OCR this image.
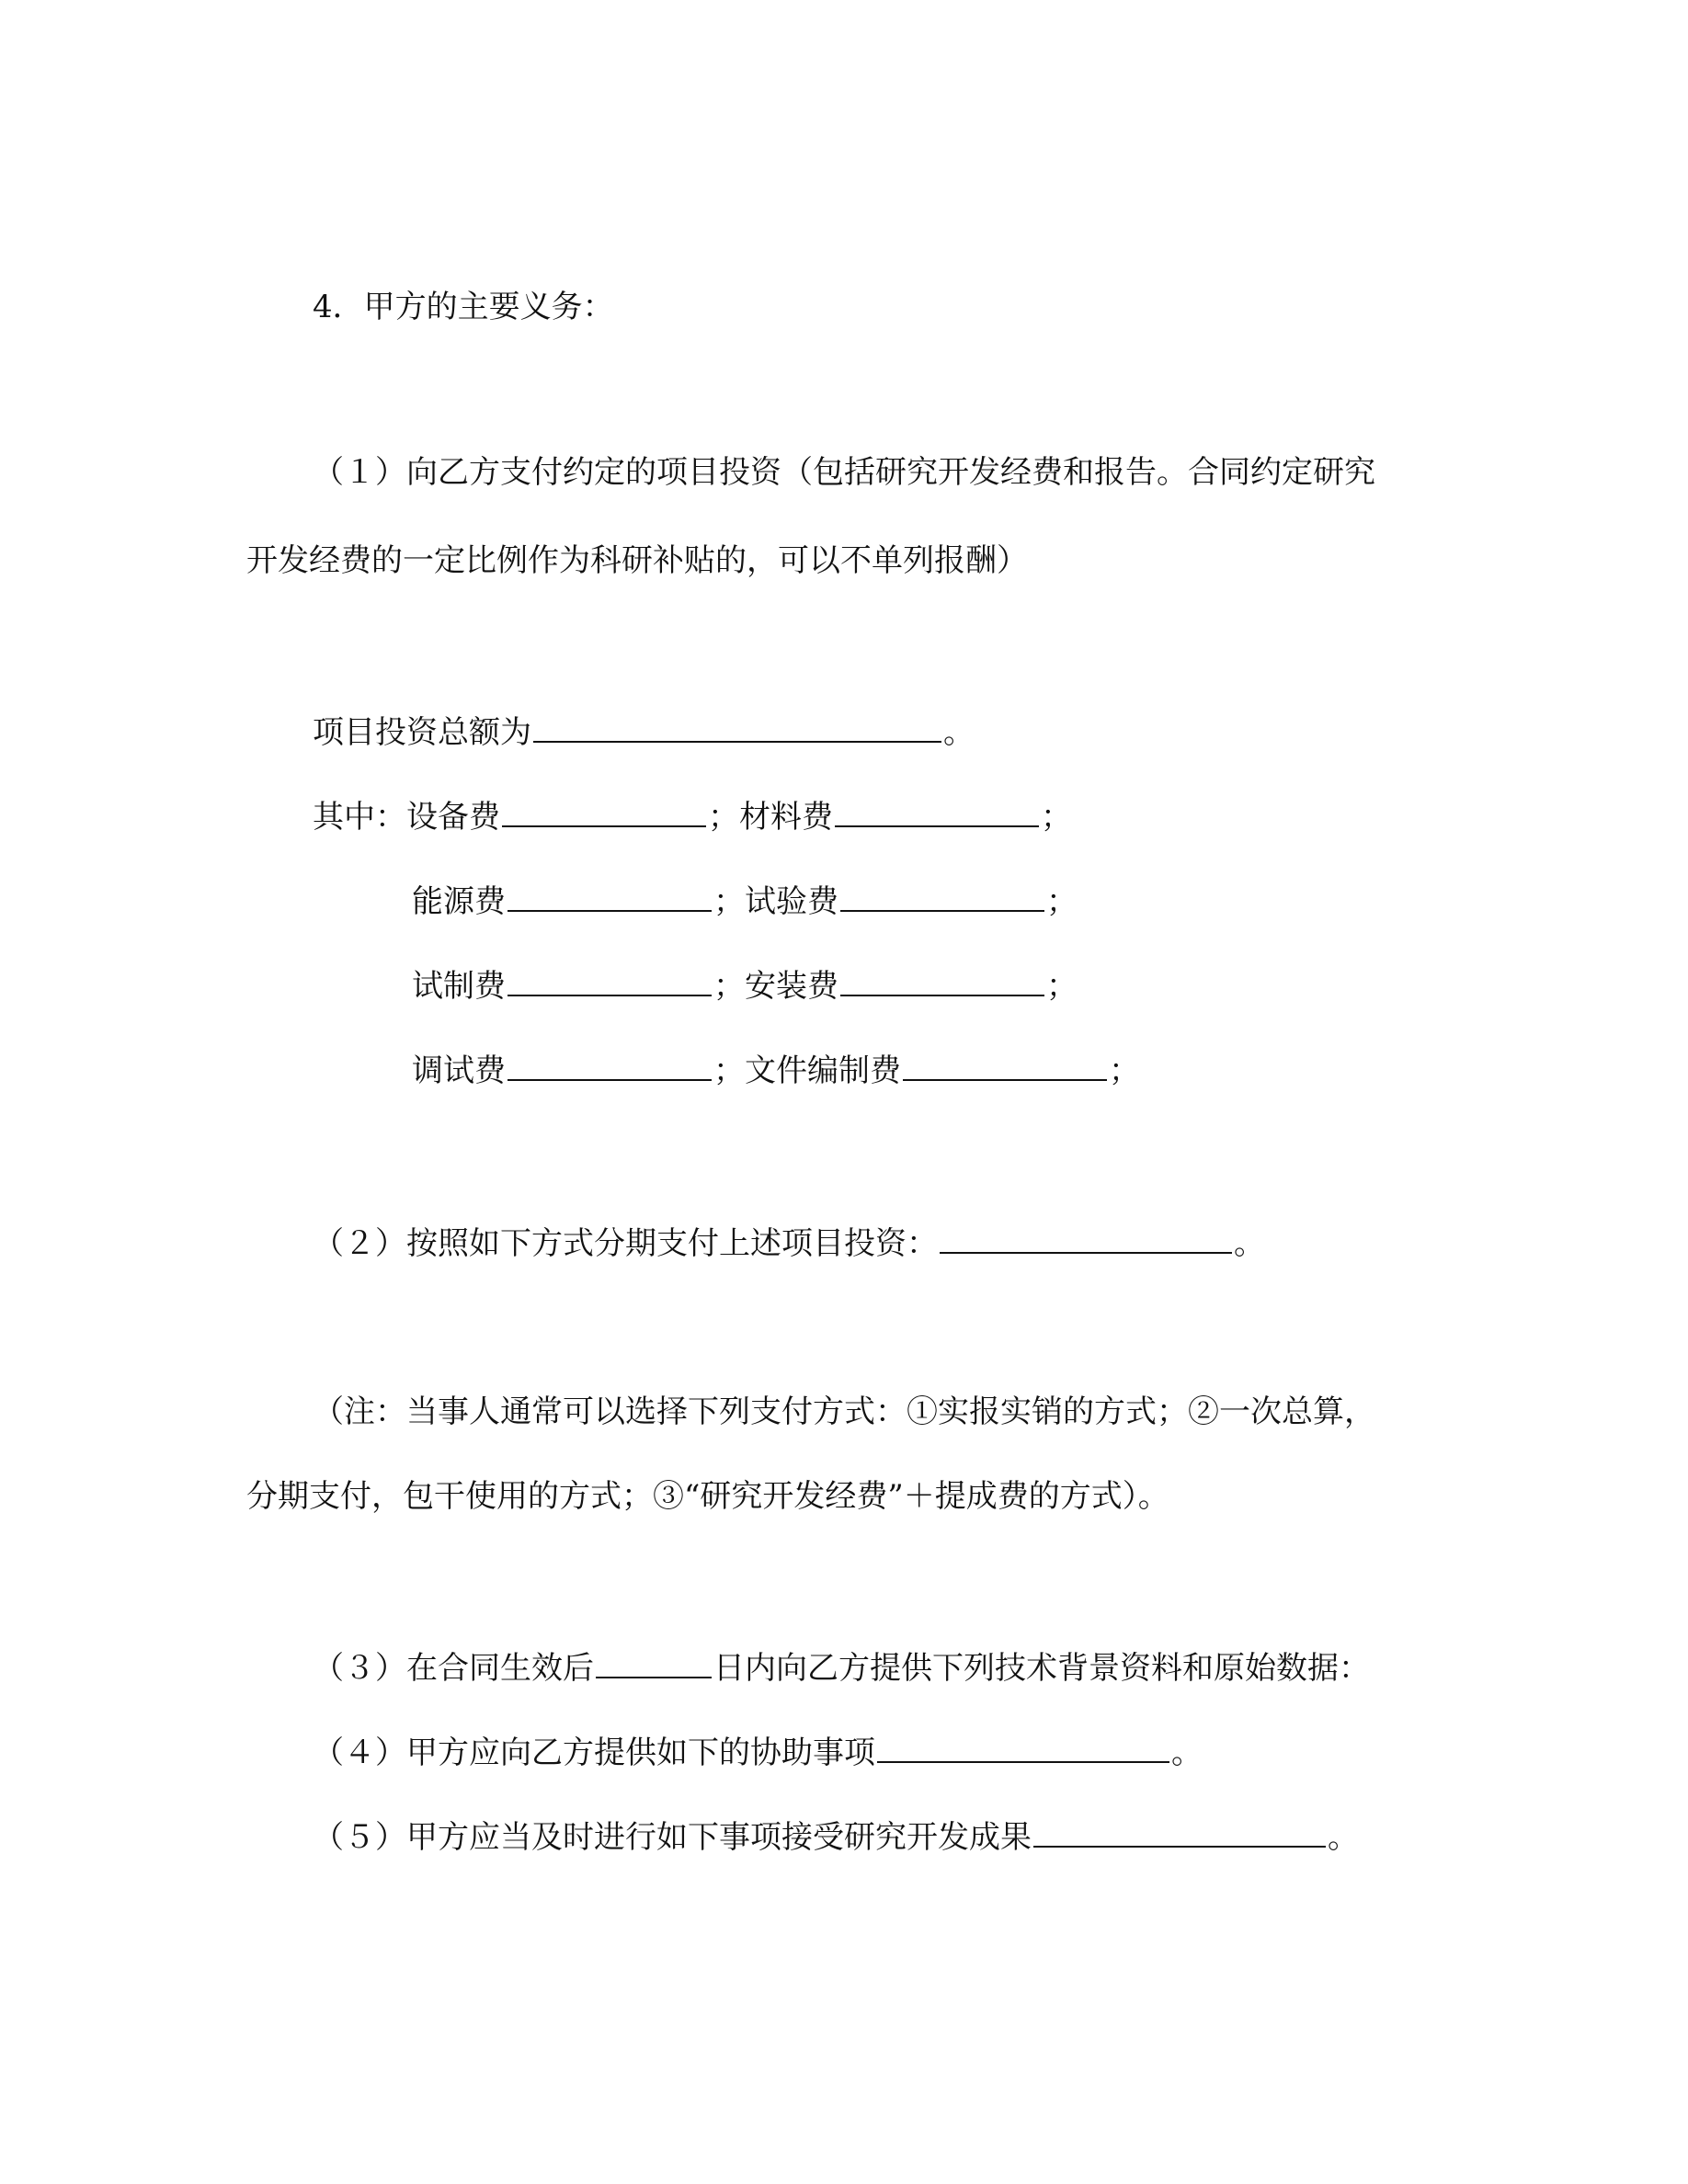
4．甲方的主要义务：
（１）向乙方支付约定的项目投资（包括研究开发经费和报告。合同约定研究
开发经费的一定比例作为科研补贴的，可以不单列报酬）
项目投资总额为	。
其中：设备费	；材料费	；
能源费	；试验费	；
试制费	；安装费	；
调试费	；文件编制费	；
（２）按照如下方式分期支付上述项目投资：	。
（注：当事人通常可以选择下列支付方式：①实报实销的方式；②一次总算，
分期支付，包干使用的方式；③“研究开发经费”＋提成费的方式）。
（３）在合同生效后	日内向乙方提供下列技术背景资料和原始数据：
（４）甲方应向乙方提供如下的协助事项	。
（５）甲方应当及时进行如下事项接受研究开发成果	。
